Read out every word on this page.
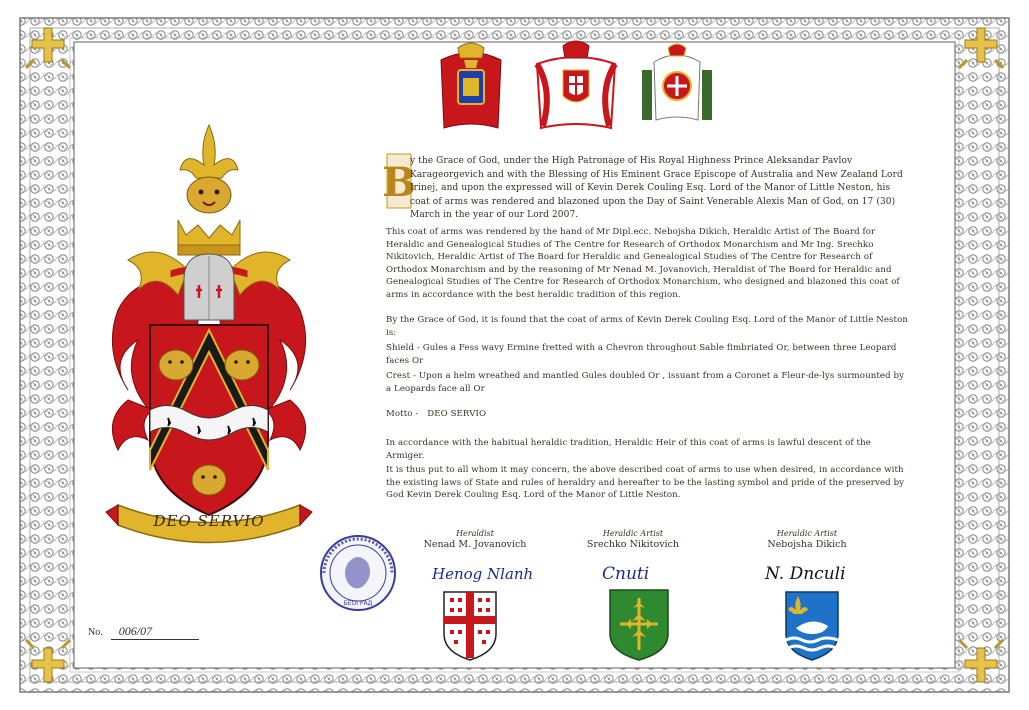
DEO SERVIO
B
y the Grace of God, under the High Patronage of His Royal Highness Prince Aleksandar Pavlov Karageorgevich and with the Blessing of His Eminent Grace Episcope of Australia and New Zealand Lord Irinej, and upon the expressed will of Kevin Derek Couling Esq. Lord of the Manor of Little Neston, his coat of arms was rendered and blazoned upon the Day of Saint Venerable Alexis Man of God, on 17 (30) March in the year of our Lord 2007.
This coat of arms was rendered by the hand of Mr Dipl.ecc. Nebojsha Dikich, Heraldic Artist of The Board for Heraldic and Genealogical Studies of The Centre for Research of Orthodox Monarchism and Mr Ing. Srechko Nikitovich, Heraldic Artist of The Board for Heraldic and Genealogical Studies of The Centre for Research of Orthodox Monarchism and by the reasoning of Mr Nenad M. Jovanovich, Heraldist of The Board for Heraldic and Genealogical Studies of The Centre for Research of Orthodox Monarchism, who designed and blazoned this coat of arms in accordance with the best heraldic tradition of this region.
By the Grace of God, it is found that the coat of arms of Kevin Derek Couling Esq. Lord of the Manor of Little Neston is:
Shield - Gules a Fess wavy Ermine fretted with a Chevron throughout Sable fimbriated Or, between three Leopard faces Or
Crest - Upon a helm wreathed and mantled Gules doubled Or , issuant from a Coronet a Fleur-de-lys surmounted by a Leopards face all Or
Motto - DEO SERVIO
In accordance with the habitual heraldic tradition, Heraldic Heir of this coat of arms is lawful descent of the Armiger.
It is thus put to all whom it may concern, the above described coat of arms to use when desired, in accordance with the existing laws of State and rules of heraldry and hereafter to be the lasting symbol and pride of the preserved by God Kevin Derek Couling Esq. Lord of the Manor of Little Neston.
БЕОГРАД
Heraldist
Nenad M. Jovanovich
Heraldic Artist
Srechko Nikitovich
Heraldic Artist
Nebojsha Dikich
Henog Nlanh	Cnuti	N. Dnculi
No. 006/07
